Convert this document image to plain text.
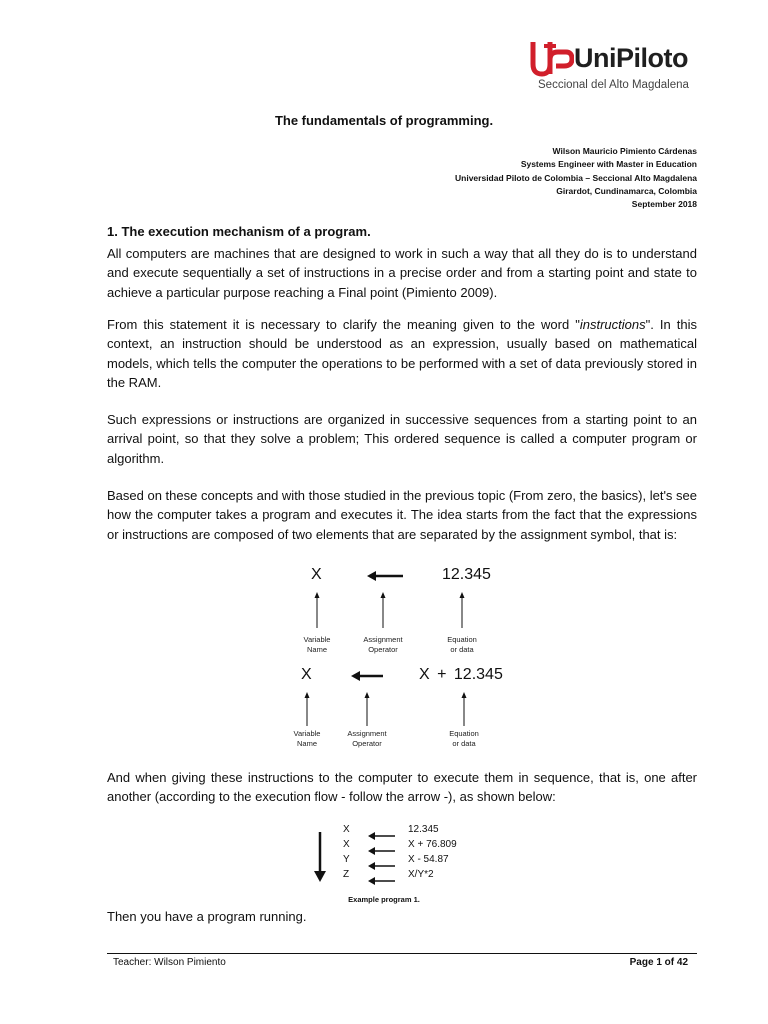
UniPiloto
Seccional del Alto Magdalena
The fundamentals of programming.
Wilson Mauricio Pimiento Cárdenas
Systems Engineer with Master in Education
Universidad Piloto de Colombia – Seccional Alto Magdalena
Girardot, Cundinamarca, Colombia
September 2018
1. The execution mechanism of a program.

All computers are machines that are designed to work in such a way that all they do is to understand and execute sequentially a set of instructions in a precise order and from a starting point and state to achieve a particular purpose reaching a Final point (Pimiento 2009).

From this statement it is necessary to clarify the meaning given to the word "instructions". In this context, an instruction should be understood as an expression, usually based on mathematical models, which tells the computer the operations to be performed with a set of data previously stored in the RAM.

Such expressions or instructions are organized in successive sequences from a starting point to an arrival point, so that they solve a problem; This ordered sequence is called a computer program or algorithm.

Based on these concepts and with those studied in the previous topic (From zero, the basics), let's see how the computer takes a program and executes it. The idea starts from the fact that the expressions or instructions are composed of two elements that are separated by the assignment symbol, that is:

X	12.345
Variable
Name
Assignment
Operator
Equation
or data
X	X + 12.345
Variable
Name
Assignment
Operator
Equation
or data

And when giving these instructions to the computer to execute them in sequence, that is, one after another (according to the execution flow - follow the arrow -), as shown below:

X	12.345
X	X + 76.809
Y	X - 54.87
Z	X/Y*2
Example program 1.

Then you have a program running.

Teacher: Wilson Pimiento	Page 1 of 42
